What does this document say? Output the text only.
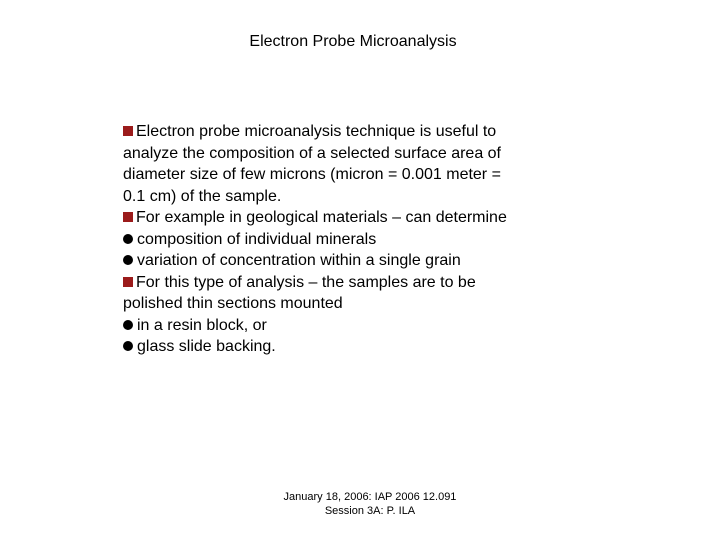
Electron Probe Microanalysis
Electron probe microanalysis technique is useful to
analyze the composition of a selected surface area of
diameter size of few microns (micron = 0.001 meter =
0.1 cm) of the sample.
For example in geological materials – can determine
composition of individual minerals
variation of concentration within a single grain
For this type of analysis – the samples are to be
polished thin sections mounted
in a resin block, or
glass slide backing.
January 18, 2006: IAP 2006 12.091
Session 3A: P. ILA
